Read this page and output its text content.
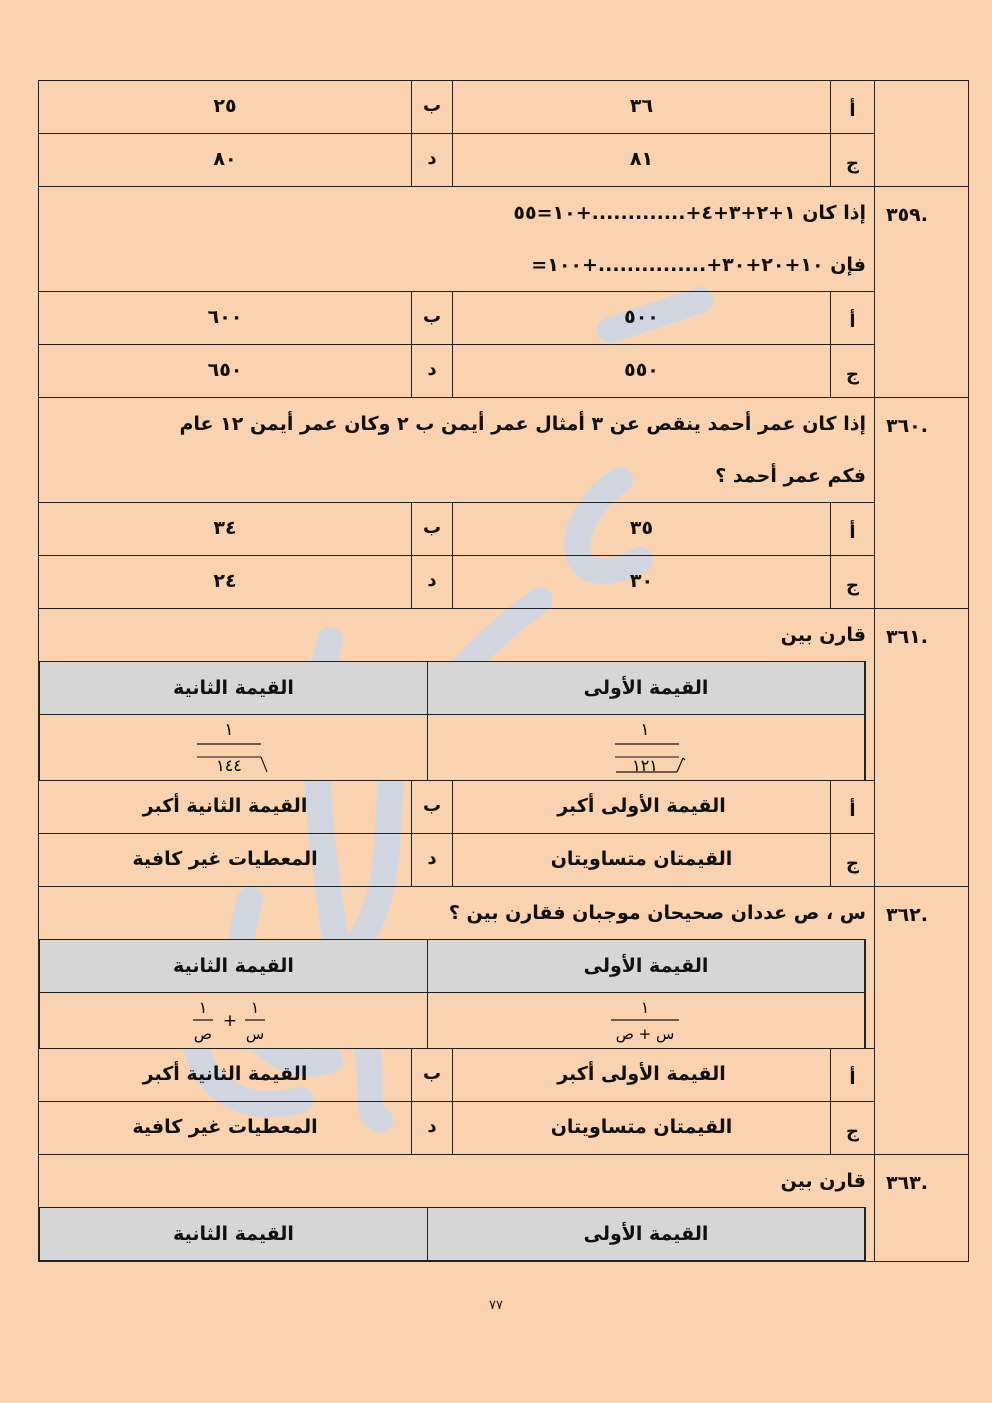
أ
٣٦
ب
٢٥
ج
٨١
د
٨٠
.٣٥٩
إذا كان ١+٢+٣+٤+.............+١٠=٥٥
فإن ١٠+٢٠+٣٠+...............+١٠٠=
أ
٥٠٠
ب
٦٠٠
ج
٥٥٠
د
٦٥٠
.٣٦٠
إذا كان عمر أحمد ينقص عن ٣ أمثال عمر أيمن ب ٢ وكان عمر أيمن ١٢ عام
فكم عمر أحمد ؟
أ
٣٥
ب
٣٤
ج
٣٠
د
٢٤
.٣٦١
قارن بين
القيمة الأولى
القيمة الثانية
١
١٢١
١
١٤٤
أ
القيمة الأولى أكبر
ب
القيمة الثانية أكبر
ج
القيمتان متساويتان
د
المعطيات غير كافية
.٣٦٢
س ، ص عددان صحيحان موجبان فقارن بين ؟
القيمة الأولى
القيمة الثانية
١
س + ص
١
س
+
١
ص
أ
القيمة الأولى أكبر
ب
القيمة الثانية أكبر
ج
القيمتان متساويتان
د
المعطيات غير كافية
.٣٦٣
قارن بين
القيمة الأولى
القيمة الثانية
٧٧
